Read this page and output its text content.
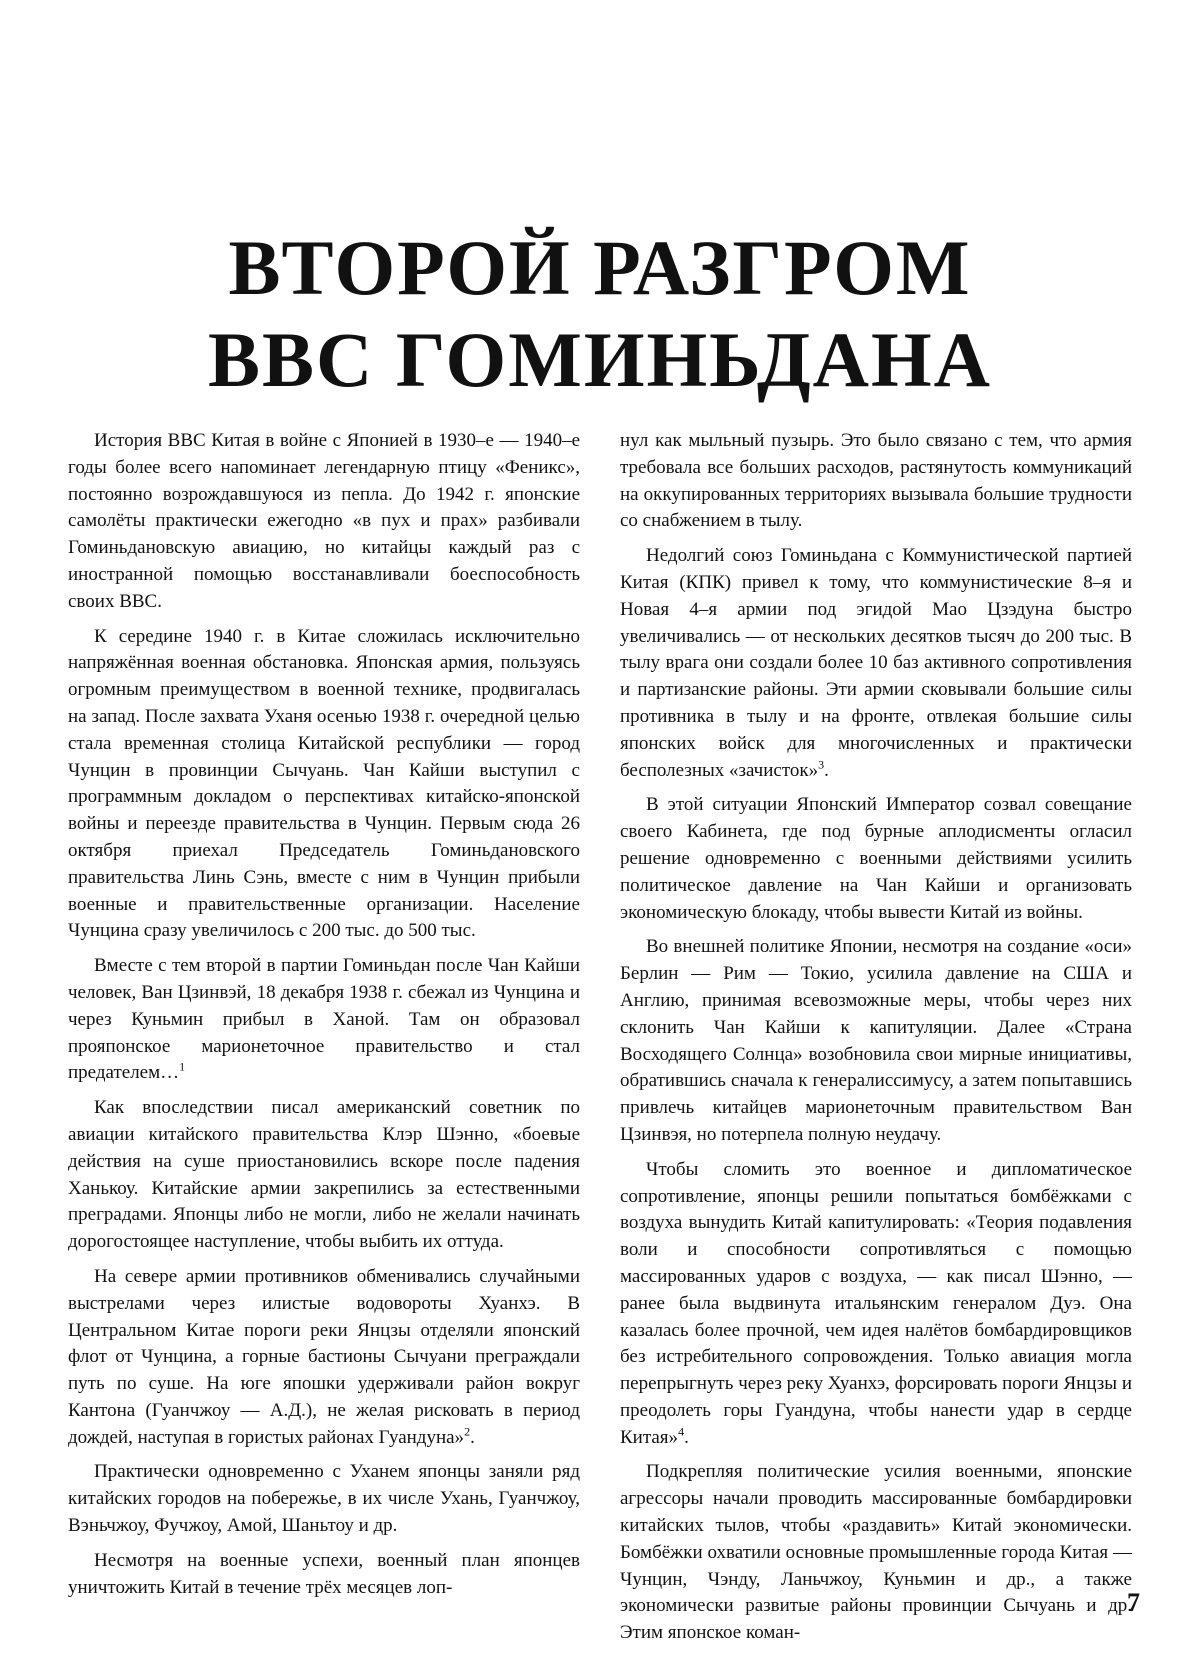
ВТОРОЙ РАЗГРОМ
ВВС ГОМИНЬДАНА

История ВВС Китая в войне с Японией в 1930–е — 1940–е годы более всего напоминает легендарную птицу «Феникс», постоянно возрождавшуюся из пепла. До 1942 г. японские самолёты практически ежегодно «в пух и прах» разбивали Гоминьдановскую авиацию, но китайцы каждый раз с иностранной помощью восстанавливали боеспособность своих ВВС.

К середине 1940 г. в Китае сложилась исключительно напряжённая военная обстановка. Японская армия, пользуясь огромным преимуществом в военной технике, продвигалась на запад. После захвата Уханя осенью 1938 г. очередной целью стала временная столица Китайской республики — город Чунцин в провинции Сычуань. Чан Кайши выступил с программным докладом о перспективах китайско-японской войны и переезде правительства в Чунцин. Первым сюда 26 октября приехал Председатель Гоминьдановского правительства Линь Сэнь, вместе с ним в Чунцин прибыли военные и правительственные организации. Население Чунцина сразу увеличилось с 200 тыс. до 500 тыс.

Вместе с тем второй в партии Гоминьдан после Чан Кайши человек, Ван Цзинвэй, 18 декабря 1938 г. сбежал из Чунцина и через Куньмин прибыл в Ханой. Там он образовал прояпонское марионеточное правительство и стал предателем…$^1$

Как впоследствии писал американский советник по авиации китайского правительства Клэр Шэнно, «боевые действия на суше приостановились вскоре после падения Ханькоу. Китайские армии закрепились за естественными преградами. Японцы либо не могли, либо не желали начинать дорогостоящее наступление, чтобы выбить их оттуда.

На севере армии противников обменивались случайными выстрелами через илистые водовороты Хуанхэ. В Центральном Китае пороги реки Янцзы отделяли японский флот от Чунцина, а горные бастионы Сычуани преграждали путь по суше. На юге япошки удерживали район вокруг Кантона (Гуанчжоу — А.Д.), не желая рисковать в период дождей, наступая в гористых районах Гуандуна»$^2$.

Практически одновременно с Уханем японцы заняли ряд китайских городов на побережье, в их числе Ухань, Гуанчжоу, Вэньчжоу, Фучжоу, Амой, Шаньтоу и др.

Несмотря на военные успехи, военный план японцев уничтожить Китай в течение трёх месяцев лоп-

нул как мыльный пузырь. Это было связано с тем, что армия требовала все больших расходов, растянутость коммуникаций на оккупированных территориях вызывала большие трудности со снабжением в тылу.

Недолгий союз Гоминьдана с Коммунистической партией Китая (КПК) привел к тому, что коммунистические 8–я и Новая 4–я армии под эгидой Мао Цзэдуна быстро увеличивались — от нескольких десятков тысяч до 200 тыс. В тылу врага они создали более 10 баз активного сопротивления и партизанские районы. Эти армии сковывали большие силы противника в тылу и на фронте, отвлекая большие силы японских войск для многочисленных и практически бесполезных «зачисток»$^3$.

В этой ситуации Японский Император созвал совещание своего Кабинета, где под бурные аплодисменты огласил решение одновременно с военными действиями усилить политическое давление на Чан Кайши и организовать экономическую блокаду, чтобы вывести Китай из войны.

Во внешней политике Японии, несмотря на создание «оси» Берлин — Рим — Токио, усилила давление на США и Англию, принимая всевозможные меры, чтобы через них склонить Чан Кайши к капитуляции. Далее «Страна Восходящего Солнца» возобновила свои мирные инициативы, обратившись сначала к генералиссимусу, а затем попытавшись привлечь китайцев марионеточным правительством Ван Цзинвэя, но потерпела полную неудачу.

Чтобы сломить это военное и дипломатическое сопротивление, японцы решили попытаться бомбёжками с воздуха вынудить Китай капитулировать: «Теория подавления воли и способности сопротивляться с помощью массированных ударов с воздуха, — как писал Шэнно, — ранее была выдвинута итальянским генералом Дуэ. Она казалась более прочной, чем идея налётов бомбардировщиков без истребительного сопровождения. Только авиация могла перепрыгнуть через реку Хуанхэ, форсировать пороги Янцзы и преодолеть горы Гуандуна, чтобы нанести удар в сердце Китая»$^4$.

Подкрепляя политические усилия военными, японские агрессоры начали проводить массированные бомбардировки китайских тылов, чтобы «раздавить» Китай экономически. Бомбёжки охватили основные промышленные города Китая — Чунцин, Чэнду, Ланьчжоу, Куньмин и др., а также экономически развитые районы провинции Сычуань и др. Этим японское коман-

7
